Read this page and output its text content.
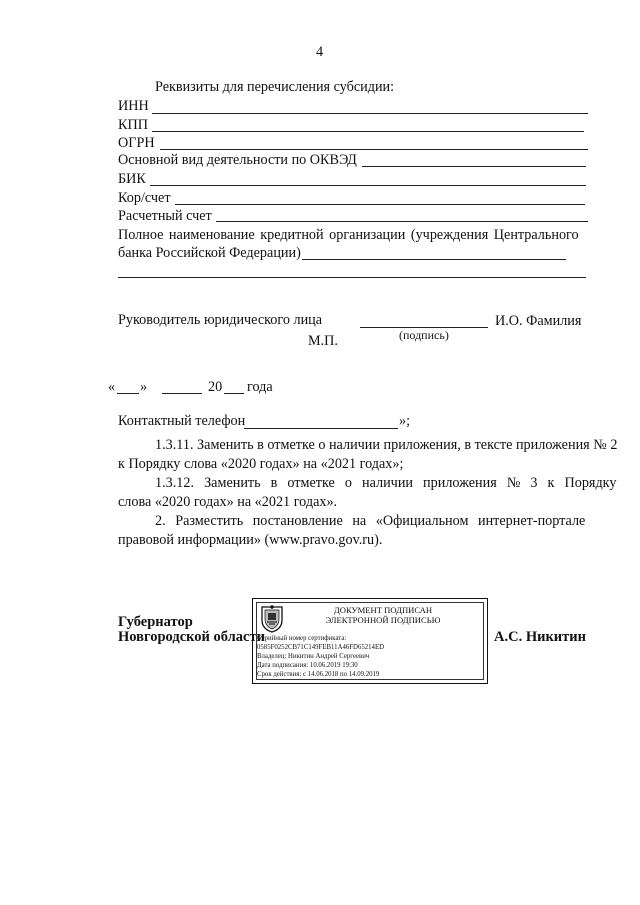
4
Реквизиты для перечисления субсидии:
ИНН
КПП
ОГРН
Основной вид деятельности по ОКВЭД
БИК
Кор/счет
Расчетный счет
Полное наименование кредитной организации (учреждения Центрального
банка Российской Федерации)
Руководитель юридического лица	И.О. Фамилия
М.П.	(подпись)
« »	20 года
Контактный телефон	»;
1.3.11. Заменить в отметке о наличии приложения, в тексте приложения № 2
к Порядку слова «2020 годах» на «2021 годах»;
1.3.12. Заменить в отметке о наличии приложения № 3 к Порядку
слова «2020 годах» на «2021 годах».
2. Разместить постановление на «Официальном интернет-портале
правовой информации» (www.pravo.gov.ru).
Губернатор
Новгородской области	А.С. Никитин
ДОКУМЕНТ ПОДПИСАН
ЭЛЕКТРОННОЙ ПОДПИСЬЮ
Серийный номер сертификата:
0585F0252CB71C149FEB11A46FD65214ED
Владелец: Никитин Андрей Сергеевич
Дата подписания: 10.06.2019 19:30
Срок действия: с 14.06.2018 по 14.09.2019
